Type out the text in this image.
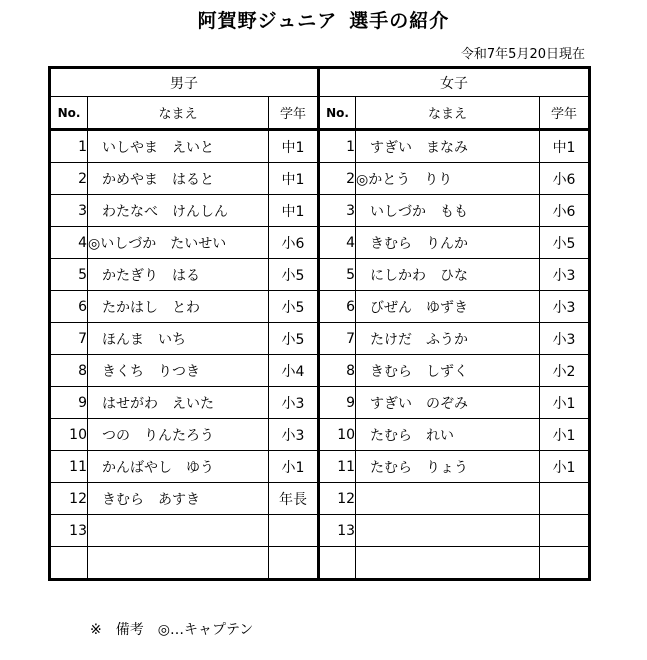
阿賀野ジュニア 選手の紹介
令和7年5月20日現在
男子			女子		
No.	なまえ	学年	No.	なまえ	学年
1	　いしやま　えいと	中1	1	　すぎい　まなみ	中1
2	　かめやま　はると	中1	2	◎かとう　りり	小6
3	　わたなべ　けんしん	中1	3	　いしづか　もも	小6
4	◎いしづか　たいせい	小6	4	　きむら　りんか	小5
5	　かたぎり　はる	小5	5	　にしかわ　ひな	小3
6	　たかはし　とわ	小5	6	　びぜん　ゆずき	小3
7	　ほんま　いち	小5	7	　たけだ　ふうか	小3
8	　きくち　りつき	小4	8	　きむら　しずく	小2
9	　はせがわ　えいた	小3	9	　すぎい　のぞみ	小1
10	　つの　りんたろう	小3	10	　たむら　れい	小1
11	　かんばやし　ゆう	小1	11	　たむら　りょう	小1
12	　きむら　あすき	年長	12		
13			13		

※　備考　◎…キャプテン
